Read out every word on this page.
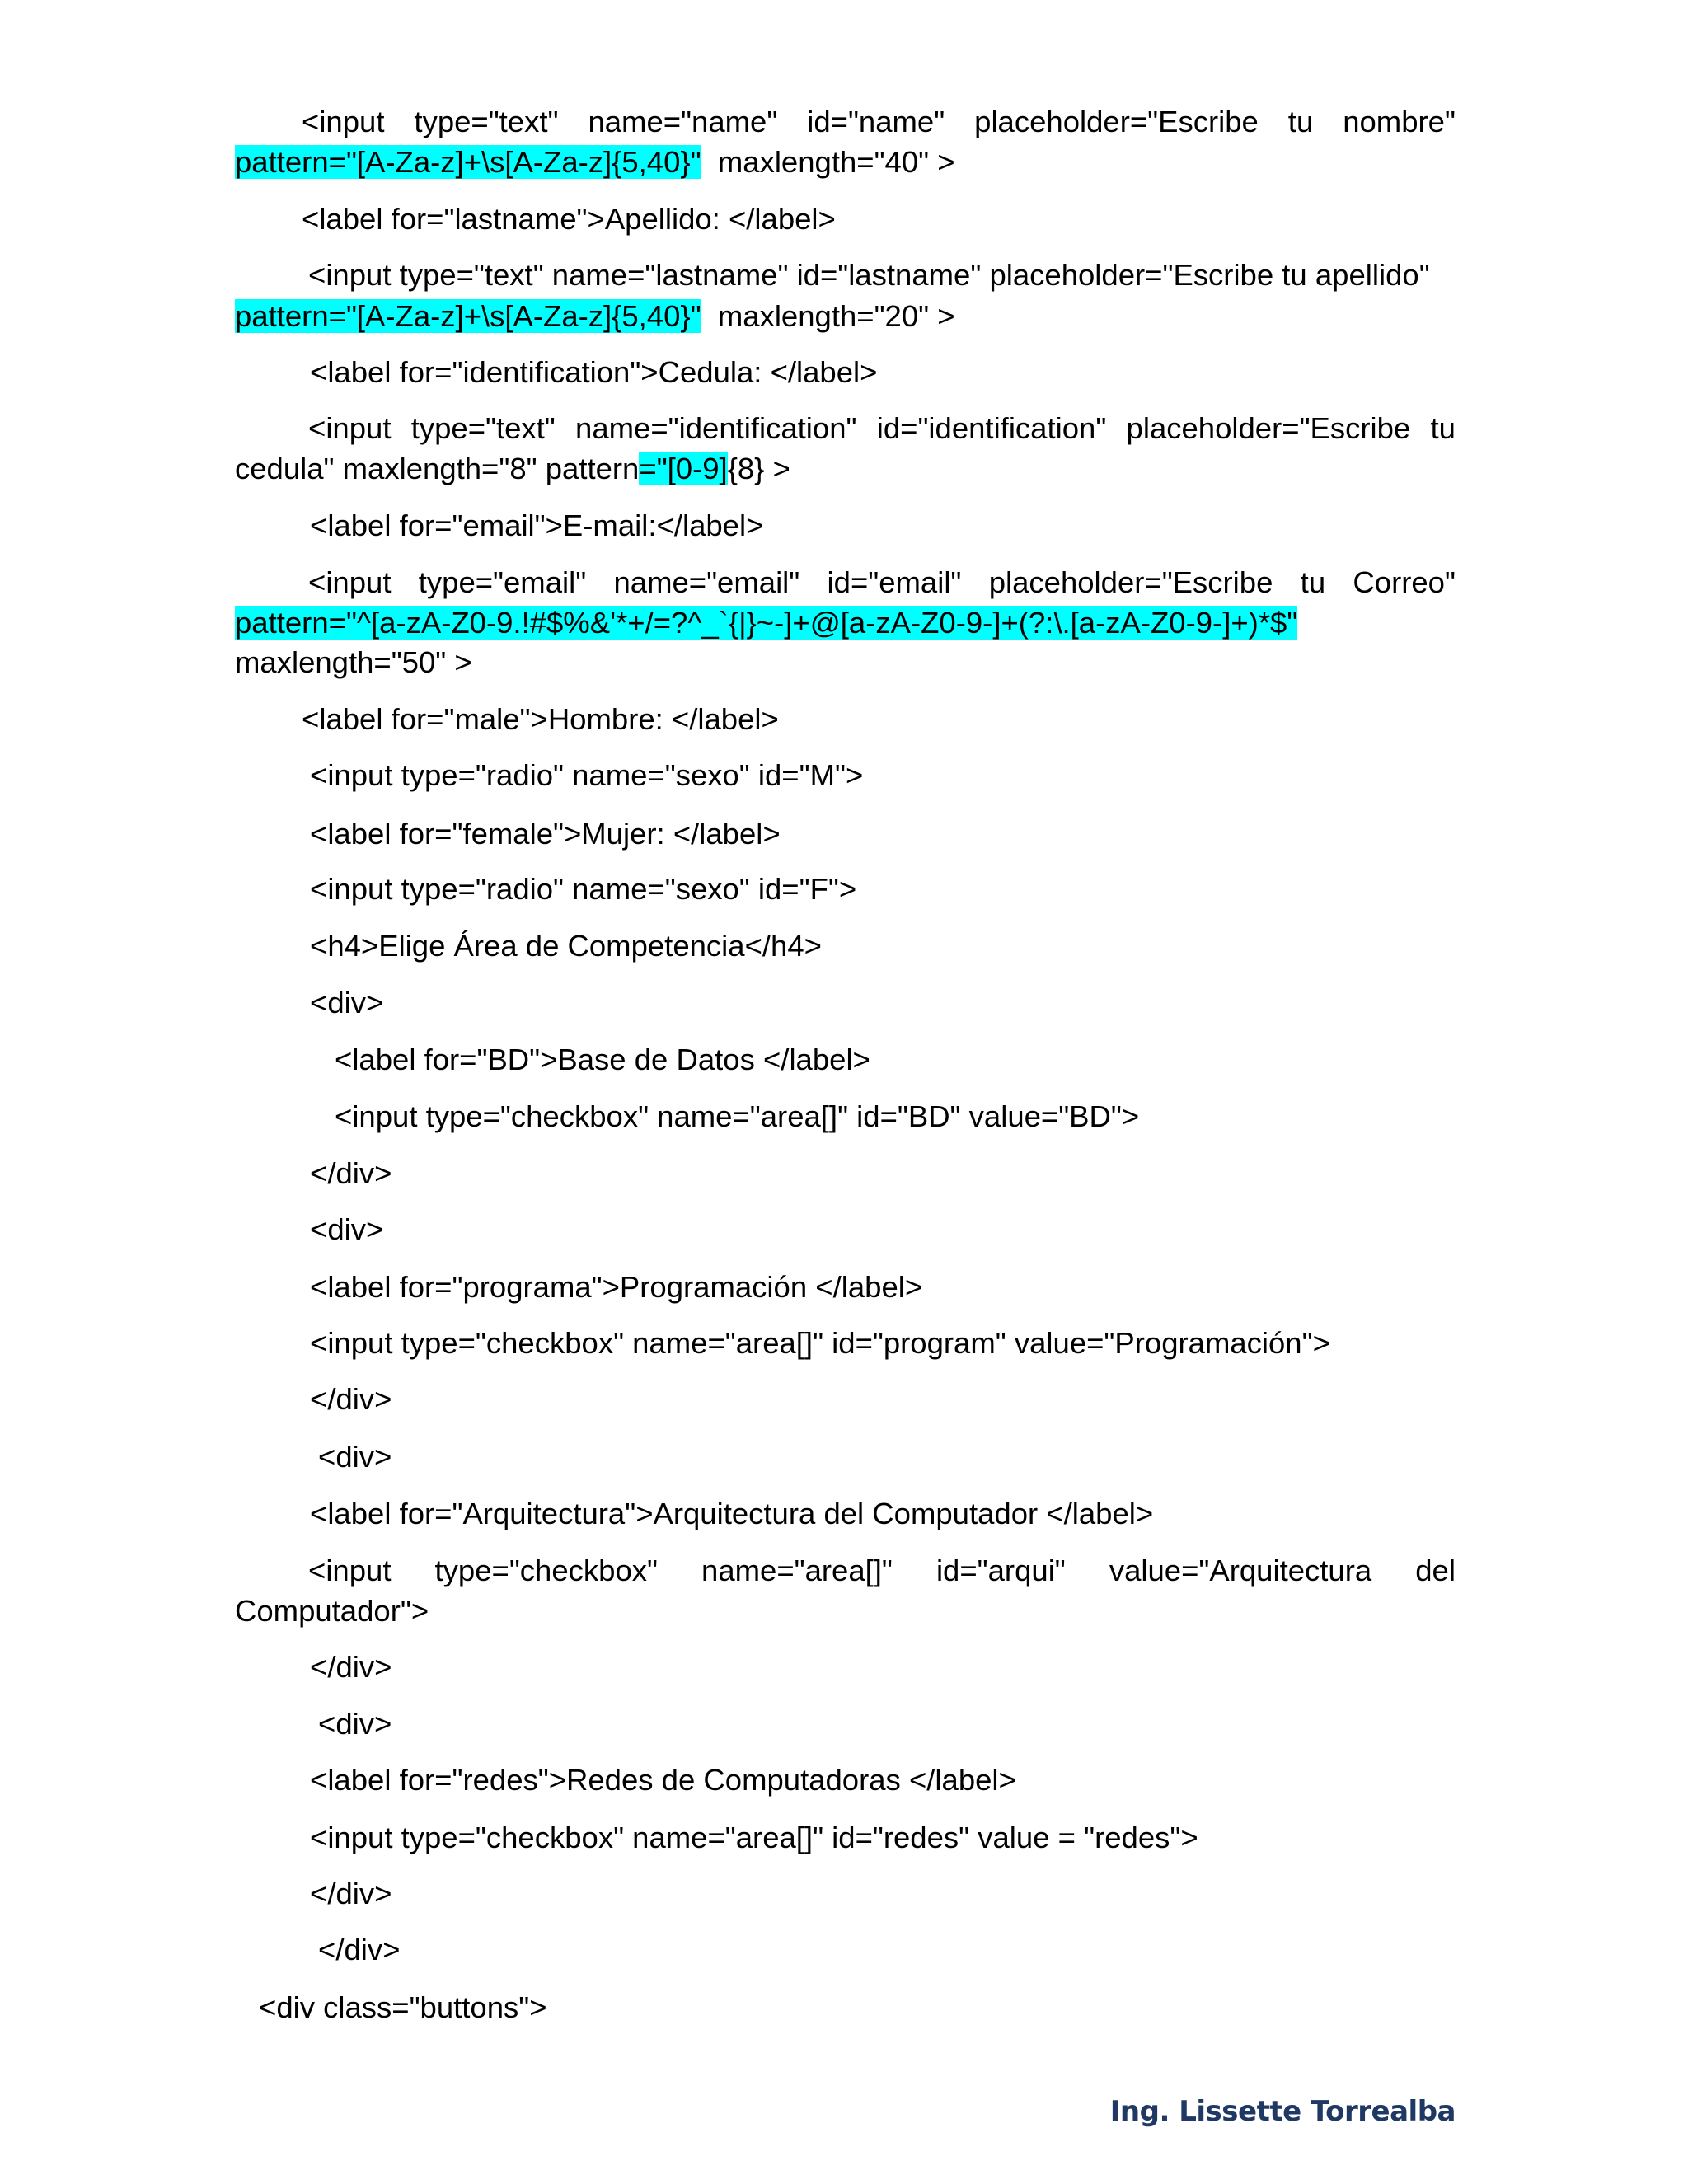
<input type="text" name="name" id="name" placeholder="Escribe tu nombre"
pattern="[A-Za-z]+\s[A-Za-z]{5,40}" maxlength="40" >
<label for="lastname">Apellido: </label>
<input type="text" name="lastname" id="lastname" placeholder="Escribe tu apellido"
pattern="[A-Za-z]+\s[A-Za-z]{5,40}" maxlength="20" >
<label for="identification">Cedula: </label>
<input type="text" name="identification" id="identification" placeholder="Escribe tu
cedula" maxlength="8" pattern="[0-9]{8} >
<label for="email">E-mail:</label>
<input type="email" name="email" id="email" placeholder="Escribe tu Correo"
pattern="^[a-zA-Z0-9.!#$%&'*+/=?^_`{|}~-]+@[a-zA-Z0-9-]+(?:\.[a-zA-Z0-9-]+)*$"
maxlength="50" >
<label for="male">Hombre: </label>
<input type="radio" name="sexo" id="M">
<label for="female">Mujer: </label>
<input type="radio" name="sexo" id="F">
<h4>Elige Área de Competencia</h4>
<div>
<label for="BD">Base de Datos </label>
<input type="checkbox" name="area[]" id="BD" value="BD">
</div>
<div>
<label for="programa">Programación </label>
<input type="checkbox" name="area[]" id="program" value="Programación">
</div>
<div>
<label for="Arquitectura">Arquitectura del Computador </label>
<input type="checkbox" name="area[]" id="arqui" value="Arquitectura del
Computador">
</div>
<div>
<label for="redes">Redes de Computadoras </label>
<input type="checkbox" name="area[]" id="redes" value = "redes">
</div>
</div>
<div class="buttons">
Ing. Lissette Torrealba
